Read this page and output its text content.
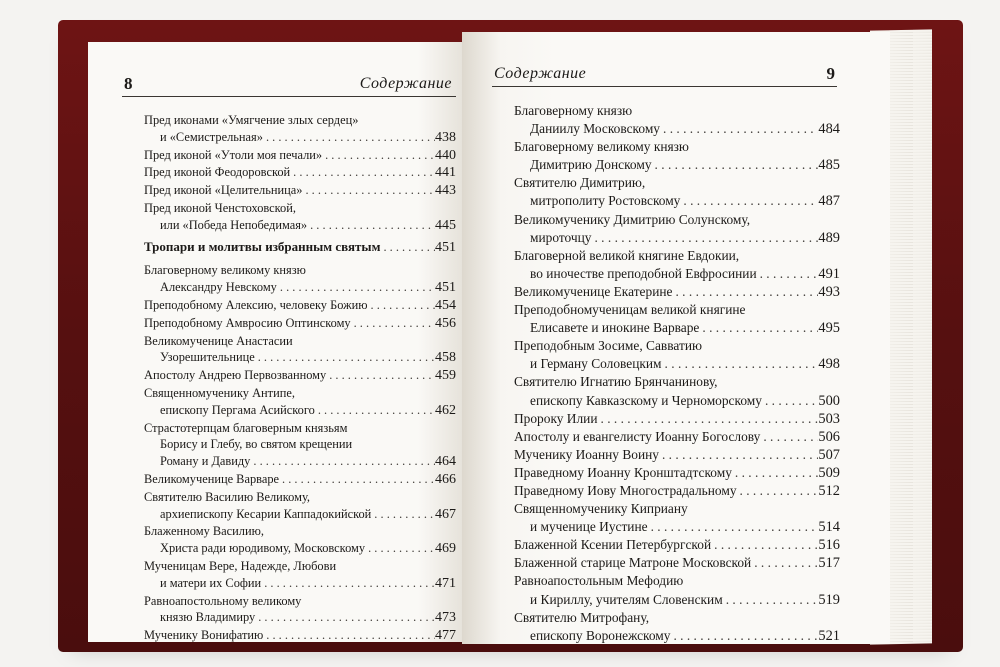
8	Содержание
Пред иконами «Умягчение злых сердец»
и «Семистрельная» . . .	438
Пред иконой «Утоли моя печали» . . .	440
Пред иконой Феодоровской . . .	441
Пред иконой «Целительница» . . .	443
Пред иконой Ченстоховской,
или «Победа Непобедимая» . . .	445
Тропари и молитвы избранным святым . . .	451
Благоверному великому князю
Александру Невскому . . .	451
Преподобному Алексию, человеку Божию . . .	454
Преподобному Амвросию Оптинскому . . .	456
Великомученице Анастасии
Узорешительнице . . .	458
Апостолу Андрею Первозванному . . .	459
Священномученику Антипе,
епископу Пергама Асийского . . .	462
Страстотерпцам благоверным князьям
Борису и Глебу, во святом крещении
Роману и Давиду . . .	464
Великомученице Варваре . . .	466
Святителю Василию Великому,
архиепископу Кесарии Каппадокийской . . .	467
Блаженному Василию,
Христа ради юродивому, Московскому . . .	469
Мученицам Вере, Надежде, Любови
и матери их Софии . . .	471
Равноапостольному великому
князю Владимиру . . .	473
Мученику Вонифатию . . .	477
Содержание	9
Благоверному князю
Даниилу Московскому . . .	484
Благоверному великому князю
Димитрию Донскому . . .	485
Святителю Димитрию,
митрополиту Ростовскому . . .	487
Великомученику Димитрию Солунскому,
мироточцу . . .	489
Благоверной великой княгине Евдокии,
во иночестве преподобной Евфросинии . . .	491
Великомученице Екатерине . . .	493
Преподобномученицам великой княгине
Елисавете и инокине Варваре . . .	495
Преподобным Зосиме, Савватию
и Герману Соловецким . . .	498
Святителю Игнатию Брянчанинову,
епископу Кавказскому и Черноморскому . . .	500
Пророку Илии . . .	503
Апостолу и евангелисту Иоанну Богослову . . .	506
Мученику Иоанну Воину . . .	507
Праведному Иоанну Кронштадтскому . . .	509
Праведному Иову Многострадальному . . .	512
Священномученику Киприану
и мученице Иустине . . .	514
Блаженной Ксении Петербургской . . .	516
Блаженной старице Матроне Московской . . .	517
Равноапостольным Мефодию
и Кириллу, учителям Словенским . . .	519
Святителю Митрофану,
епископу Воронежскому . . .	521
